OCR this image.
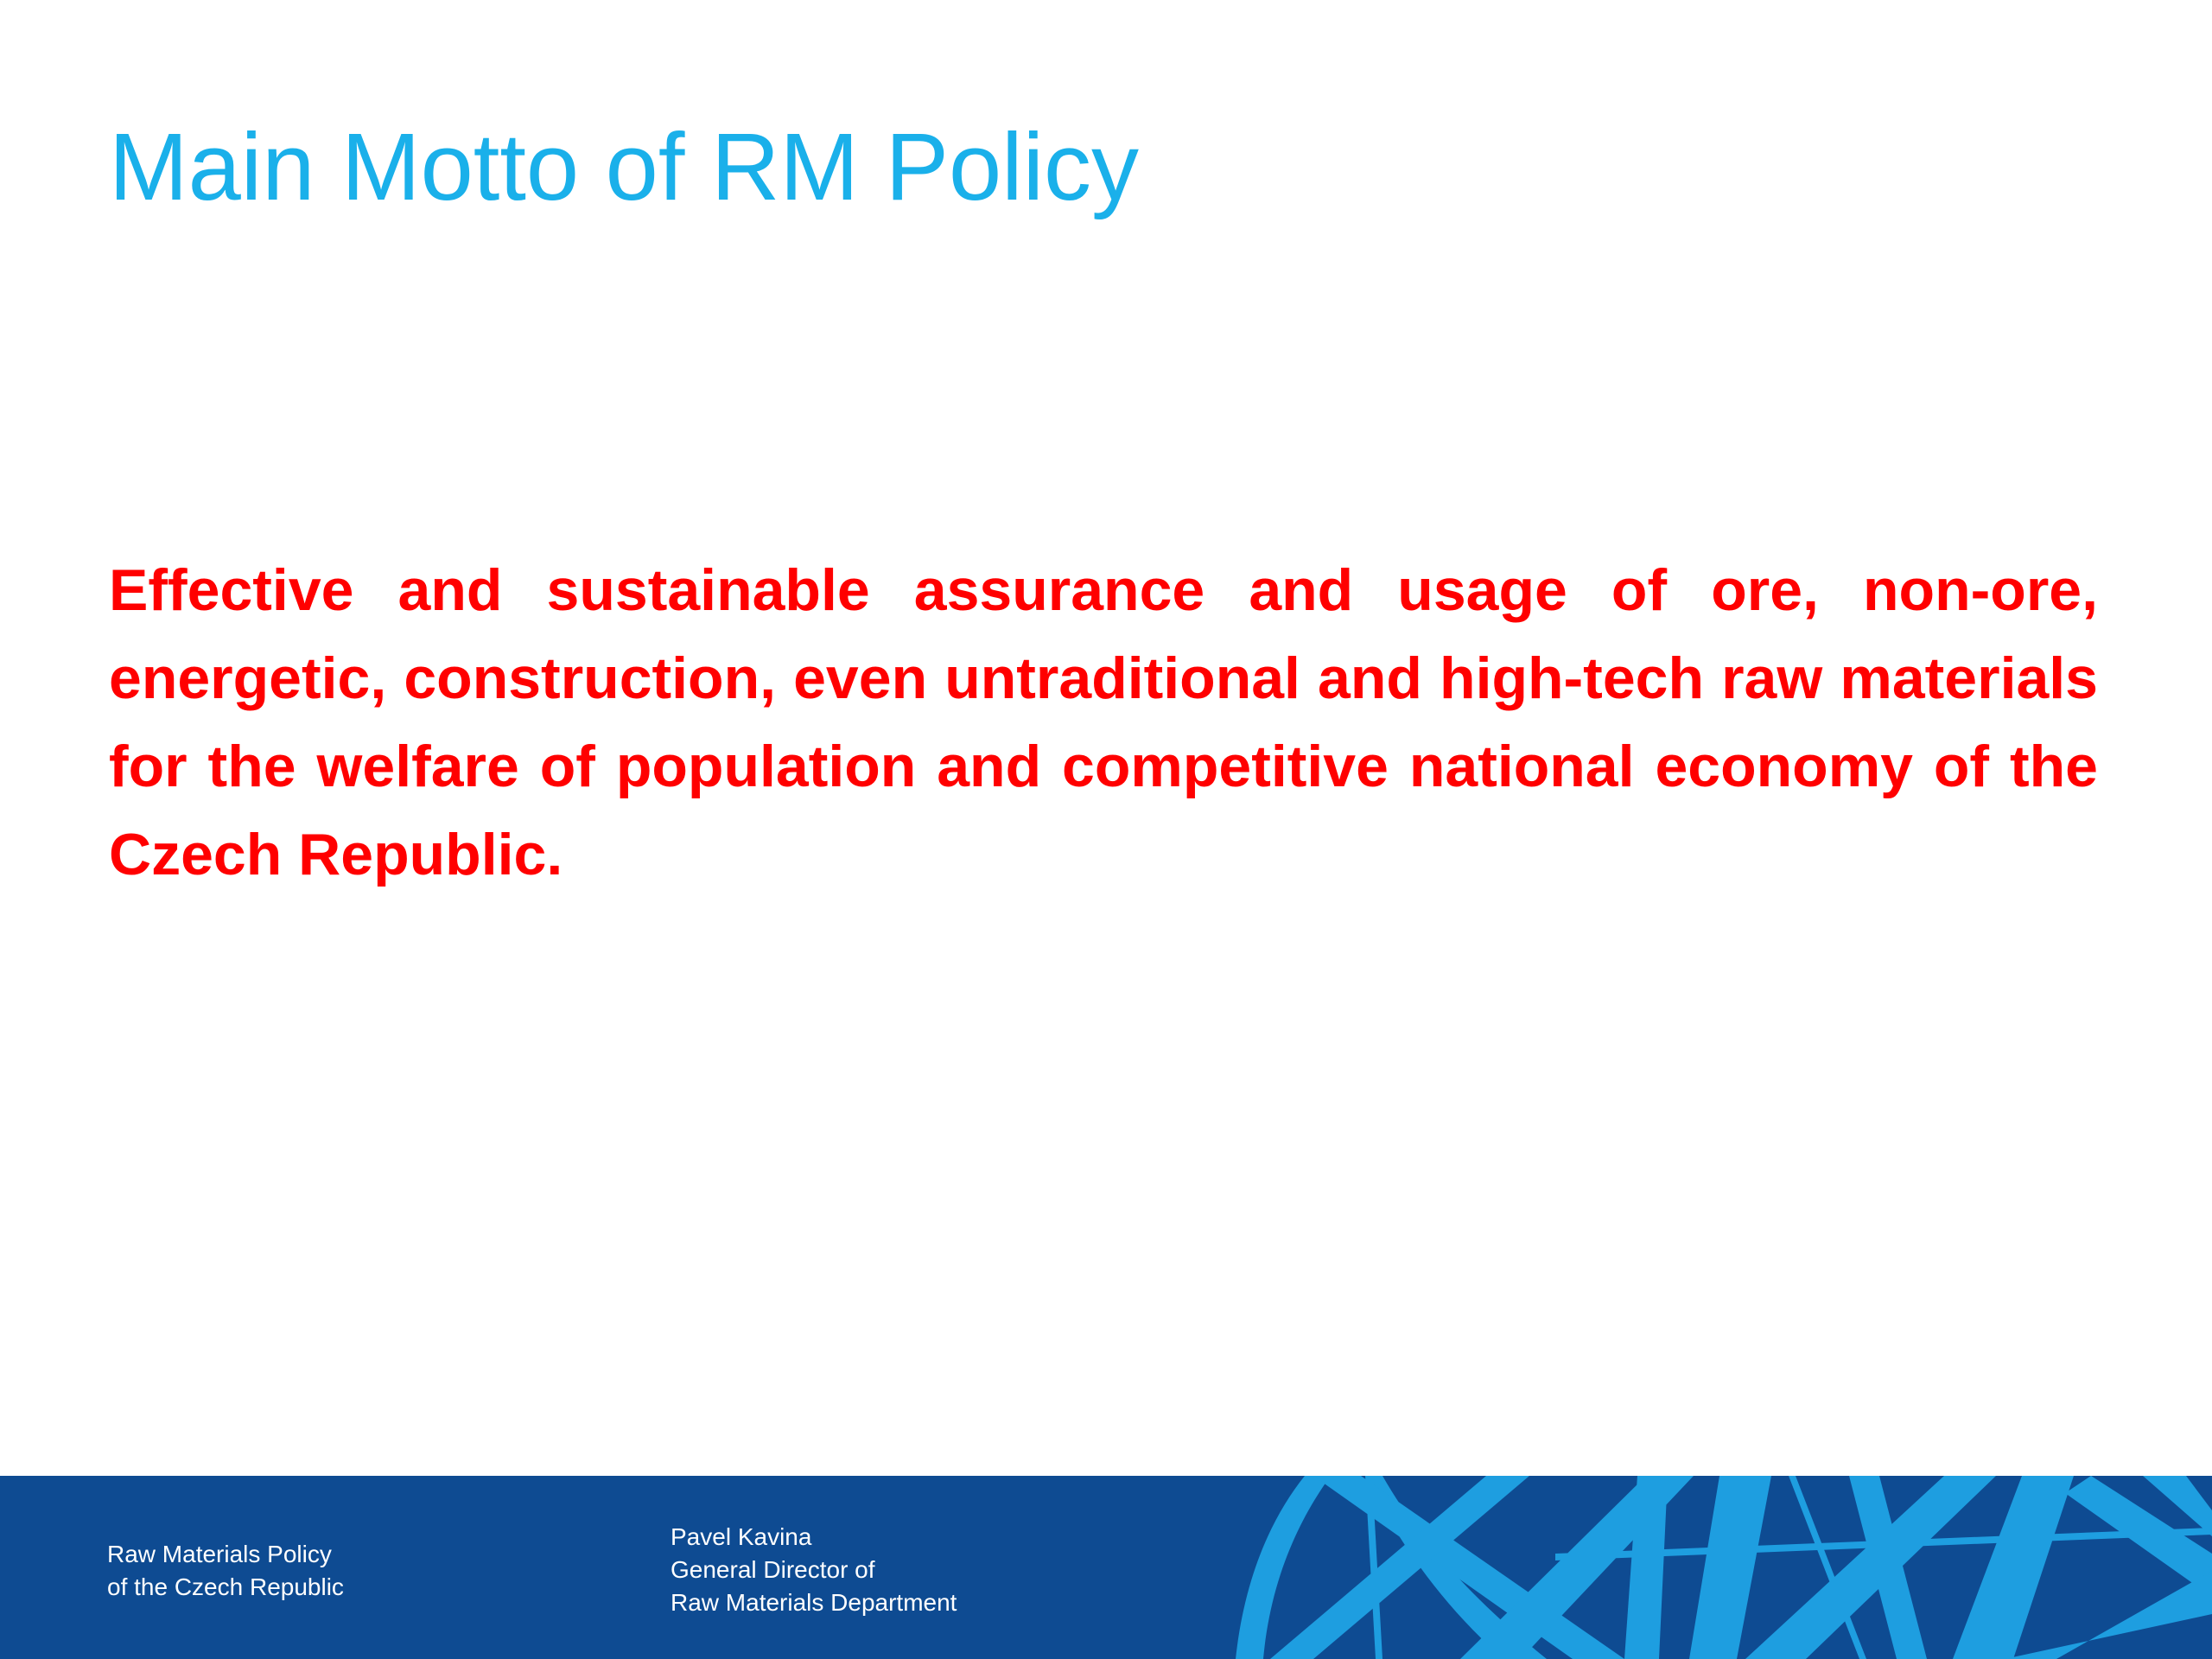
Main Motto of RM Policy

Effective and sustainable assurance and usage of ore, non-ore, energetic, construction, even untraditional and high-tech raw materials for the welfare of population and competitive national economy of the Czech Republic.

Raw Materials Policy
of the Czech Republic
Pavel Kavina
General Director of
Raw Materials Department
